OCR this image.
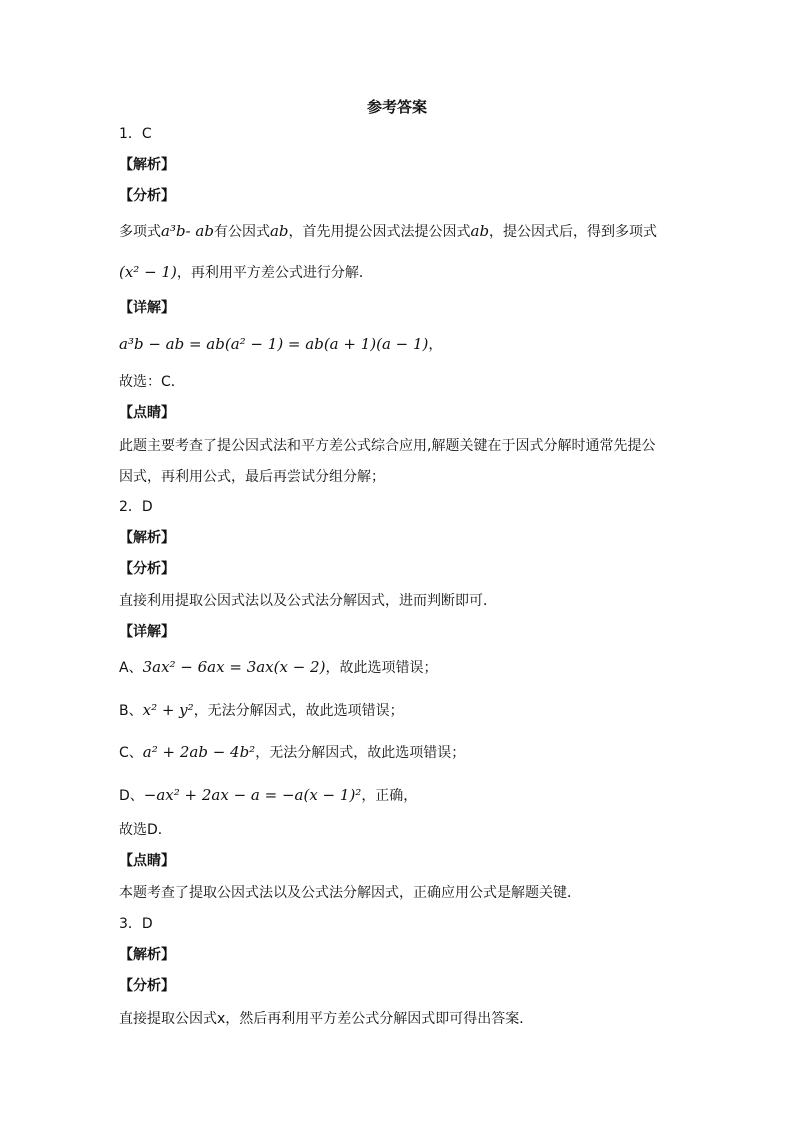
参考答案
1．C
【解析】
【分析】
多项式a³b- ab有公因式ab，首先用提公因式法提公因式ab，提公因式后，得到多项式
(x² − 1)，再利用平方差公式进行分解．
【详解】
a³b − ab = ab(a² − 1) = ab(a + 1)(a − 1)，
故选：C．
【点睛】
此题主要考查了提公因式法和平方差公式综合应用,解题关键在于因式分解时通常先提公
因式，再利用公式，最后再尝试分组分解；
2．D
【解析】
【分析】
直接利用提取公因式法以及公式法分解因式，进而判断即可．
【详解】
A、3ax² − 6ax = 3ax(x − 2)，故此选项错误；
B、x² + y²，无法分解因式，故此选项错误；
C、a² + 2ab − 4b²，无法分解因式，故此选项错误；
D、−ax² + 2ax − a = −a(x − 1)²，正确，
故选D．
【点睛】
本题考查了提取公因式法以及公式法分解因式，正确应用公式是解题关键．
3．D
【解析】
【分析】
直接提取公因式x，然后再利用平方差公式分解因式即可得出答案．
